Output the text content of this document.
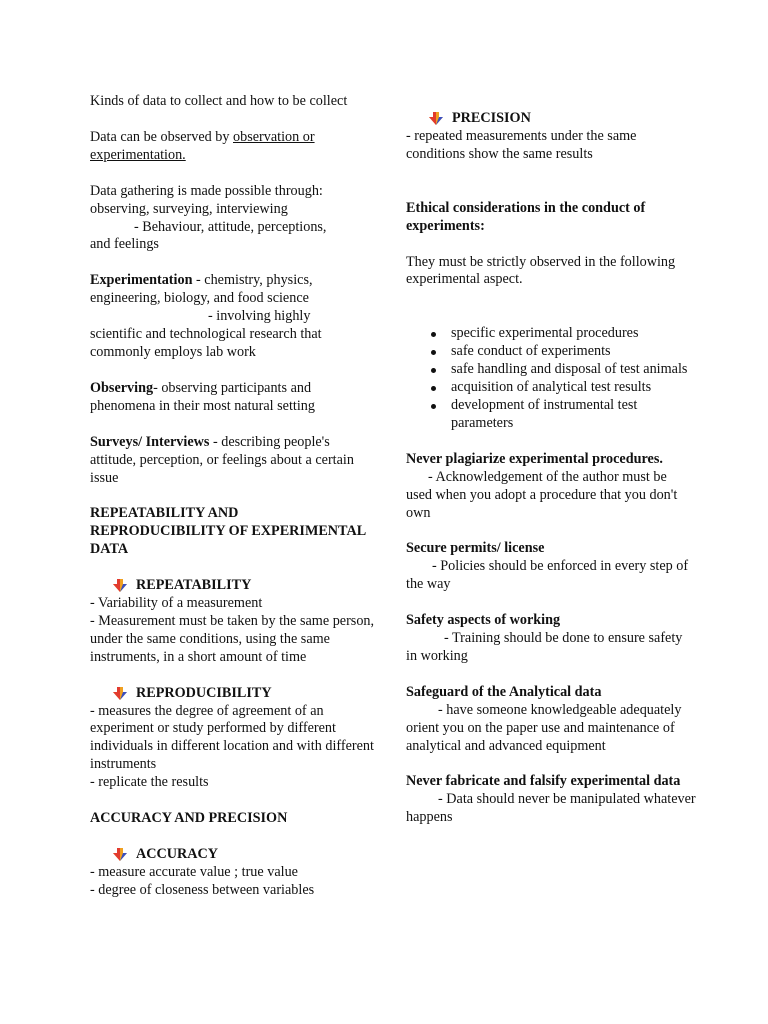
Kinds of data to collect and how to be collect

Data can be observed by observation or experimentation.

Data gathering is made possible through: observing, surveying, interviewing

- Behaviour, attitude, perceptions,

and feelings

Experimentation - chemistry, physics, engineering, biology, and food science

- involving highly

scientific and technological research that commonly employs lab work

Observing- observing participants and phenomena in their most natural setting

Surveys/ Interviews - describing people's attitude, perception, or feelings about a certain issue

REPEATABILITY AND REPRODUCIBILITY OF EXPERIMENTAL DATA

REPEATABILITY

- Variability of a measurement

- Measurement must be taken by the same person, under the same conditions, using the same instruments, in a short amount of time

REPRODUCIBILITY

- measures the degree of agreement of an experiment or study performed by different individuals in different location and with different instruments

- replicate the results

ACCURACY AND PRECISION

ACCURACY

- measure accurate value ; true value

- degree of closeness between variables

PRECISION

- repeated measurements under the same conditions show the same results

Ethical considerations in the conduct of experiments:

They must be strictly observed in the following experimental aspect.

specific experimental procedures
safe conduct of experiments
safe handling and disposal of test animals
acquisition of analytical test results
development of instrumental test parameters

Never plagiarize experimental procedures.

- Acknowledgement of the author must be used when you adopt a procedure that you don't own

Secure permits/ license

- Policies should be enforced in every step of the way

Safety aspects of working

- Training should be done to ensure safety in working

Safeguard of the Analytical data

- have someone knowledgeable adequately orient you on the paper use and maintenance of analytical and advanced equipment

Never fabricate and falsify experimental data

- Data should never be manipulated whatever happens
